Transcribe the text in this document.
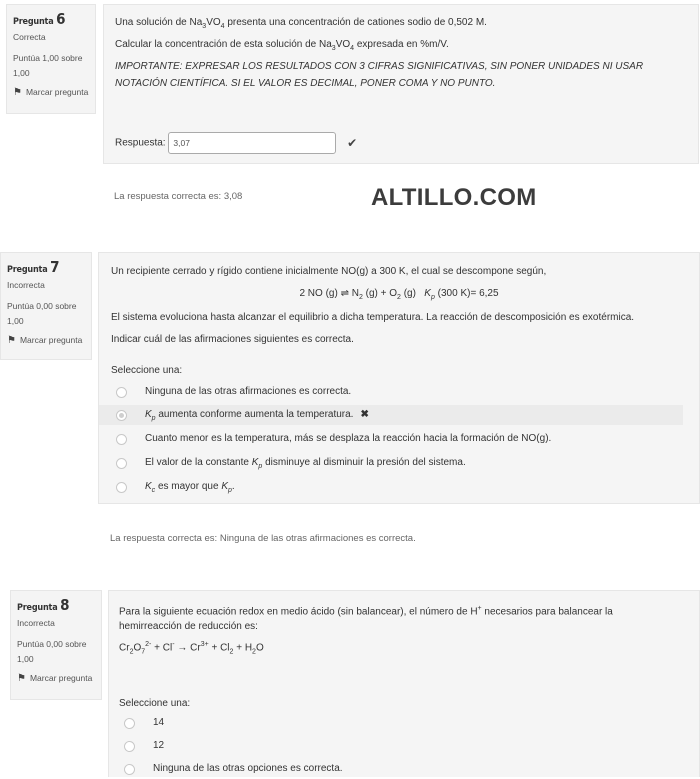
Pregunta 6
Correcta
Puntúa 1,00 sobre
1,00
⚑ Marcar pregunta

Una solución de $Na_3VO_4$ presenta una concentración de cationes sodio de 0,502 M.

Calcular la concentración de esta solución de $Na_3VO_4$ expresada en %m/V.

IMPORTANTE: EXPRESAR LOS RESULTADOS CON 3 CIFRAS SIGNIFICATIVAS, SIN PONER UNIDADES NI USAR

NOTACIÓN CIENTÍFICA. SI EL VALOR ES DECIMAL, PONER COMA Y NO PUNTO.

Respuesta: 3,07	✔
La respuesta correcta es: 3,08	ALTILLO.COM
Pregunta 7
Incorrecta
Puntúa 0,00 sobre
1,00
⚑ Marcar pregunta

Un recipiente cerrado y rígido contiene inicialmente NO(g) a 300 K, el cual se descompone según,

2 NO (g) ⇌ $N_2$ $(g) + O_2$ (g)   $K_p$ (300 K)= 6,25

El sistema evoluciona hasta alcanzar el equilibrio a dicha temperatura. La reacción de descomposición es exotérmica.

Indicar cuál de las afirmaciones siguientes es correcta.

Seleccione una:

Ninguna de las otras afirmaciones es correcta.
$K_p$ aumenta conforme aumenta la temperatura. ✖
Cuanto menor es la temperatura, más se desplaza la reacción hacia la formación de NO(g).
El valor de la constante $K_p$ disminuye al disminuir la presión del sistema.
$K_c$ es mayor que $K_p$.
La respuesta correcta es: Ninguna de las otras afirmaciones es correcta.
Pregunta 8
Incorrecta
Puntúa 0,00 sobre
1,00
⚑ Marcar pregunta

Para la siguiente ecuación redox en medio ácido (sin balancear), el número de H+ necesarios para balancear la

hemirreacción de reducción es:

$Cr_2O_7^{2-} + Cl^- \to Cr^{3+} + Cl_2 + H_2O$

Seleccione una:

14
12
Ninguna de las otras opciones es correcta.
